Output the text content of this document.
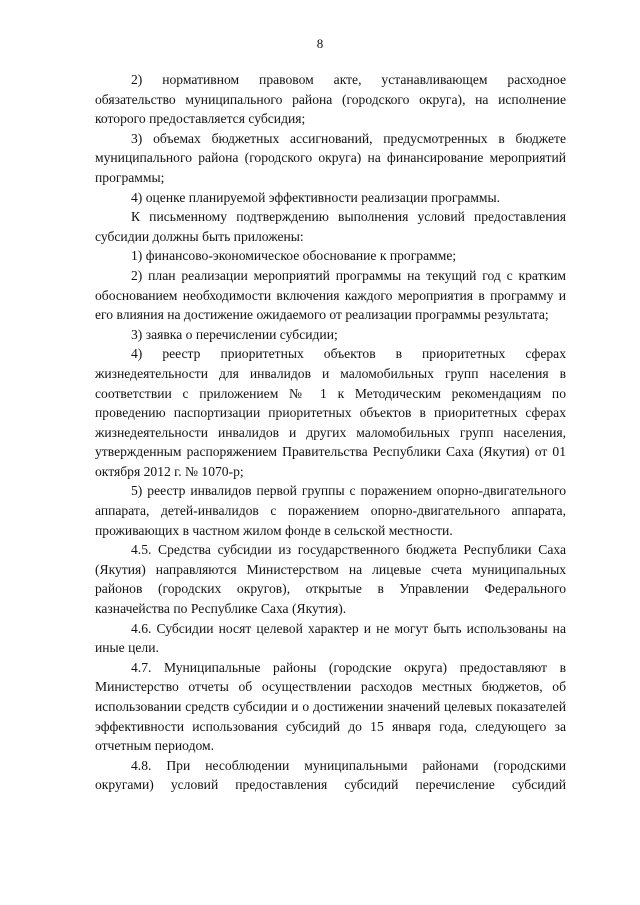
8

2) нормативном правовом акте, устанавливающем расходное обязательство муниципального района (городского округа), на исполнение которого предоставляется субсидия;

3) объемах бюджетных ассигнований, предусмотренных в бюджете муниципального района (городского округа) на финансирование мероприятий программы;

4) оценке планируемой эффективности реализации программы.

К письменному подтверждению выполнения условий предоставления субсидии должны быть приложены:

1) финансово-экономическое обоснование к программе;

2) план реализации мероприятий программы на текущий год с кратким обоснованием необходимости включения каждого мероприятия в программу и его влияния на достижение ожидаемого от реализации программы результата;

3) заявка о перечислении субсидии;

4) реестр приоритетных объектов в приоритетных сферах жизнедеятельности для инвалидов и маломобильных групп населения в соответствии с приложением № 1 к Методическим рекомендациям по проведению паспортизации приоритетных объектов в приоритетных сферах жизнедеятельности инвалидов и других маломобильных групп населения, утвержденным распоряжением Правительства Республики Саха (Якутия) от 01 октября 2012 г. № 1070-р;

5) реестр инвалидов первой группы с поражением опорно-двигательного аппарата, детей-инвалидов с поражением опорно-двигательного аппарата, проживающих в частном жилом фонде в сельской местности.

4.5. Средства субсидии из государственного бюджета Республики Саха (Якутия) направляются Министерством на лицевые счета муниципальных районов (городских округов), открытые в Управлении Федерального казначейства по Республике Саха (Якутия).

4.6. Субсидии носят целевой характер и не могут быть использованы на иные цели.

4.7. Муниципальные районы (городские округа) предоставляют в Министерство отчеты об осуществлении расходов местных бюджетов, об использовании средств субсидии и о достижении значений целевых показателей эффективности использования субсидий до 15 января года, следующего за отчетным периодом.

4.8. При несоблюдении муниципальными районами (городскими округами) условий предоставления субсидий перечисление субсидий
